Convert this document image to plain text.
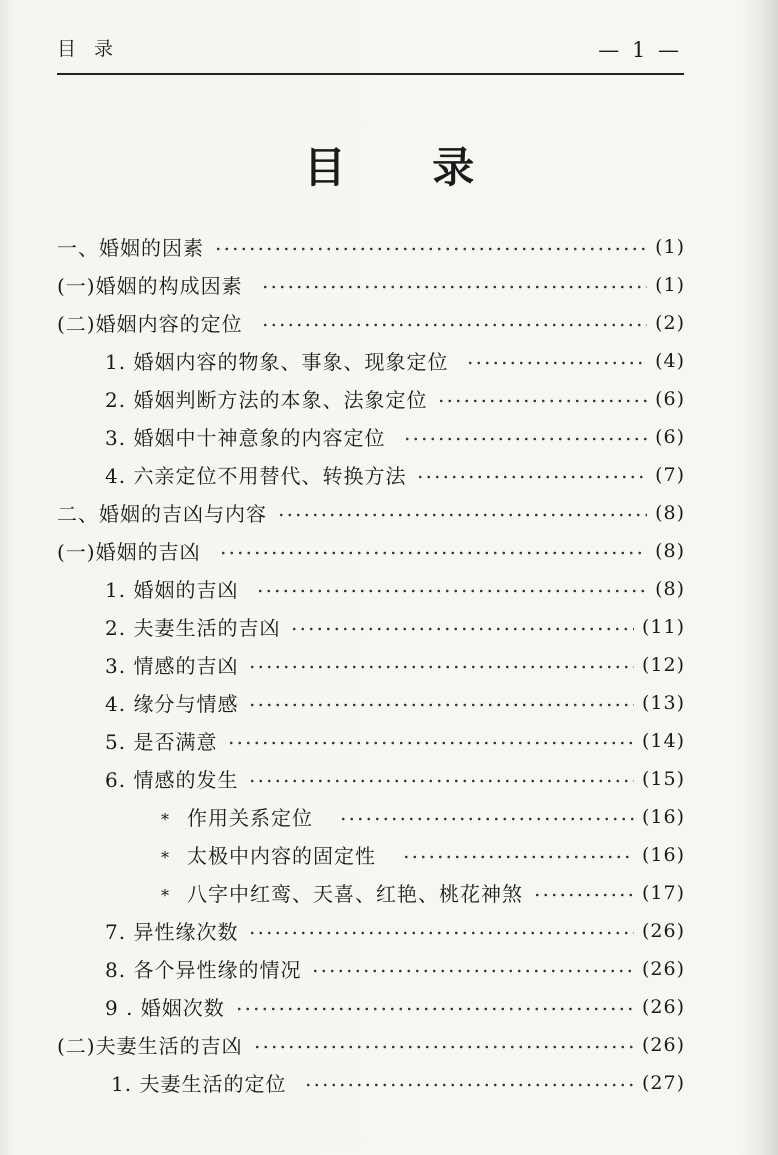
目录	— 1 —
目 录
一、婚姻的因素	(1)
(一)婚姻的构成因素	(1)
(二)婚姻内容的定位	(2)
1. 婚姻内容的物象、事象、现象定位	(4)
2. 婚姻判断方法的本象、法象定位	(6)
3. 婚姻中十神意象的内容定位	(6)
4. 六亲定位不用替代、转换方法	(7)
二、婚姻的吉凶与内容	(8)
(一)婚姻的吉凶	(8)
1. 婚姻的吉凶	(8)
2. 夫妻生活的吉凶	(11)
3. 情感的吉凶	(12)
4. 缘分与情感	(13)
5. 是否满意	(14)
6. 情感的发生	(15)
* 作用关系定位	(16)
* 太极中内容的固定性	(16)
* 八字中红鸾、天喜、红艳、桃花神煞	(17)
7. 异性缘次数	(26)
8. 各个异性缘的情况	(26)
9 . 婚姻次数	(26)
(二)夫妻生活的吉凶	(26)
1. 夫妻生活的定位	(27)
